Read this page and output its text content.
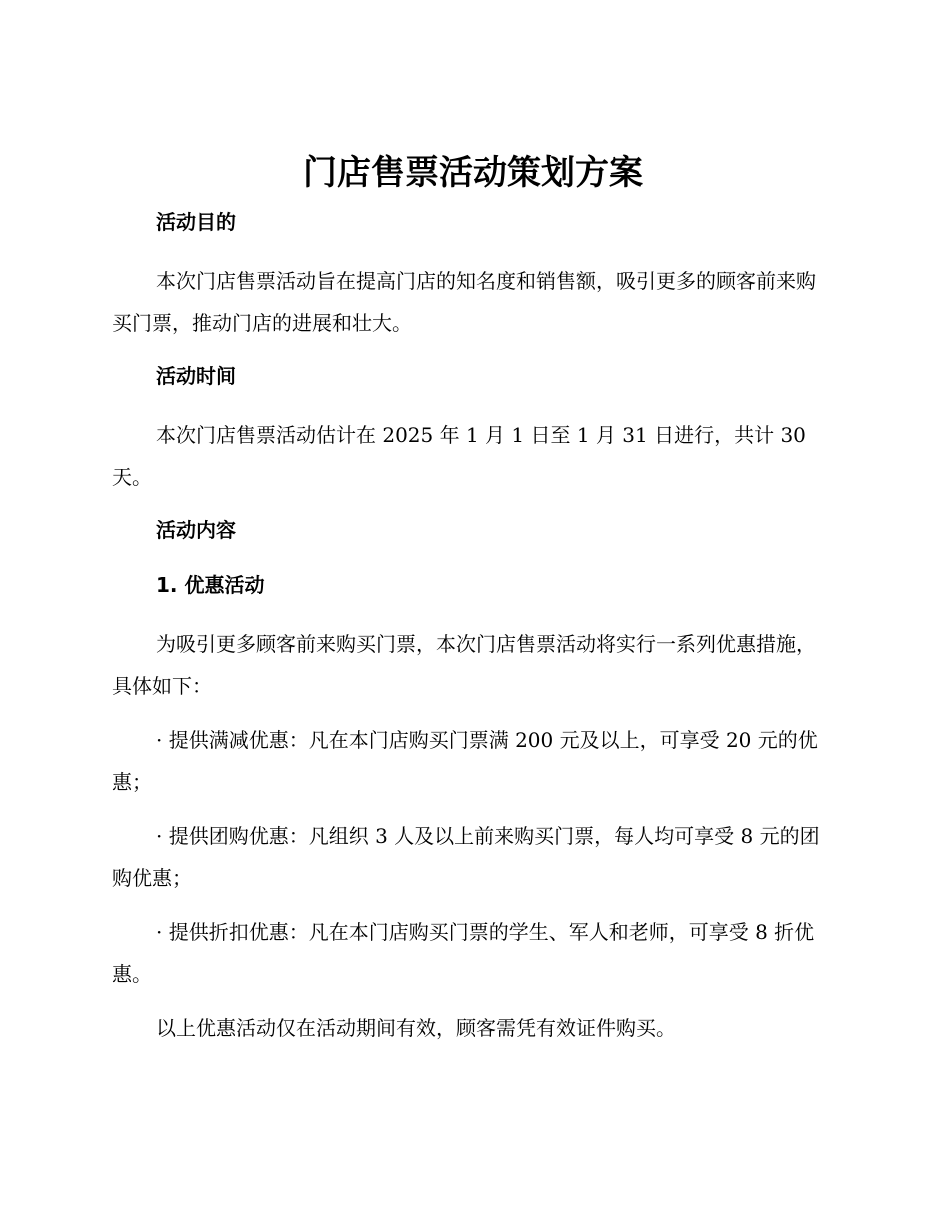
门店售票活动策划方案
活动目的

本次门店售票活动旨在提高门店的知名度和销售额，吸引更多的顾客前来购买门票，推动门店的进展和壮大。

活动时间

本次门店售票活动估计在 2025 年 1 月 1 日至 1 月 31 日进行，共计 30 天。

活动内容
1. 优惠活动

为吸引更多顾客前来购买门票，本次门店售票活动将实行一系列优惠措施，具体如下：

· 提供满减优惠：凡在本门店购买门票满 200 元及以上，可享受 20 元的优惠；

· 提供团购优惠：凡组织 3 人及以上前来购买门票，每人均可享受 8 元的团购优惠；

· 提供折扣优惠：凡在本门店购买门票的学生、军人和老师，可享受 8 折优惠。

以上优惠活动仅在活动期间有效，顾客需凭有效证件购买。
